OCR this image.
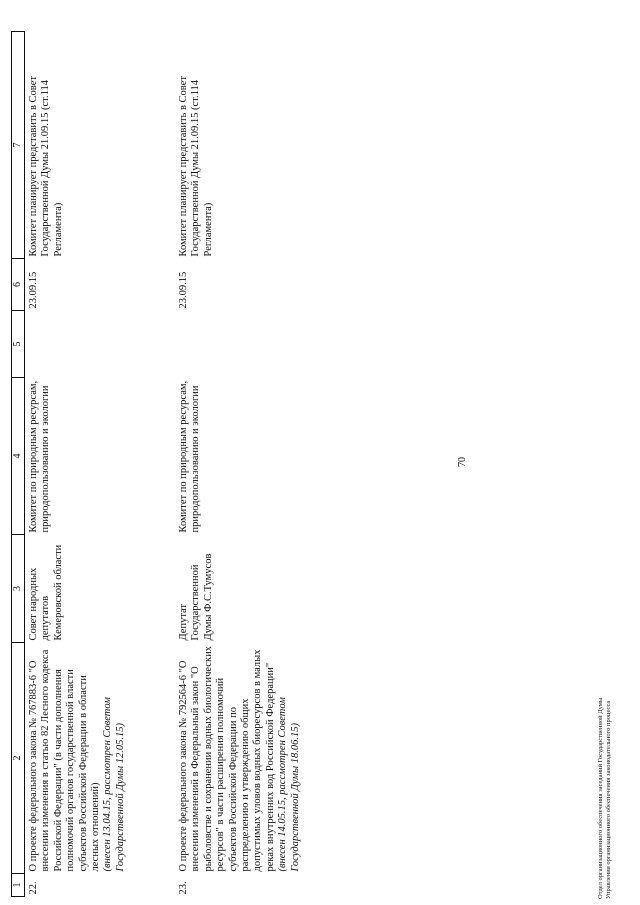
70
1	2	3	4	5	6	7

22.	О проекте федерального закона № 767883-6 "О внесении изменения в статью 82 Лесного кодекса Российской Федерации" (в части дополнения полномочий органов государственной власти субъектов Российской Федерации в области лесных отношений) (внесен 13.04.15, рассмотрен Советом Государственной Думы 12.05.15)	Совет народных депутатов Кемеровской области	Комитет по природным ресурсам, природопользованию и экологии		23.09.15	Комитет планирует представить в Совет Государственной Думы 21.09.15 (ст.114 Регламента)
23.	О проекте федерального закона № 792564-6 "О внесении изменений в Федеральный закон "О рыболовстве и сохранении водных биологических ресурсов" в части расширения полномочий субъектов Российской Федерации по распределению и утверждению общих допустимых уловов водных биоресурсов в малых реках внутренних вод Российской Федерации" (внесен 14.05.15, рассмотрен Советом Государственной Думы 18.06.15)	Депутат Государственной Думы Ф.С.Тумусов	Комитет по природным ресурсам, природопользованию и экологии		23.09.15	Комитет планирует представить в Совет Государственной Думы 21.09.15 (ст.114 Регламента)
Отдел организационного обеспечения заседаний Государственной Думы Управления организационного обеспечения законодательного процесса
